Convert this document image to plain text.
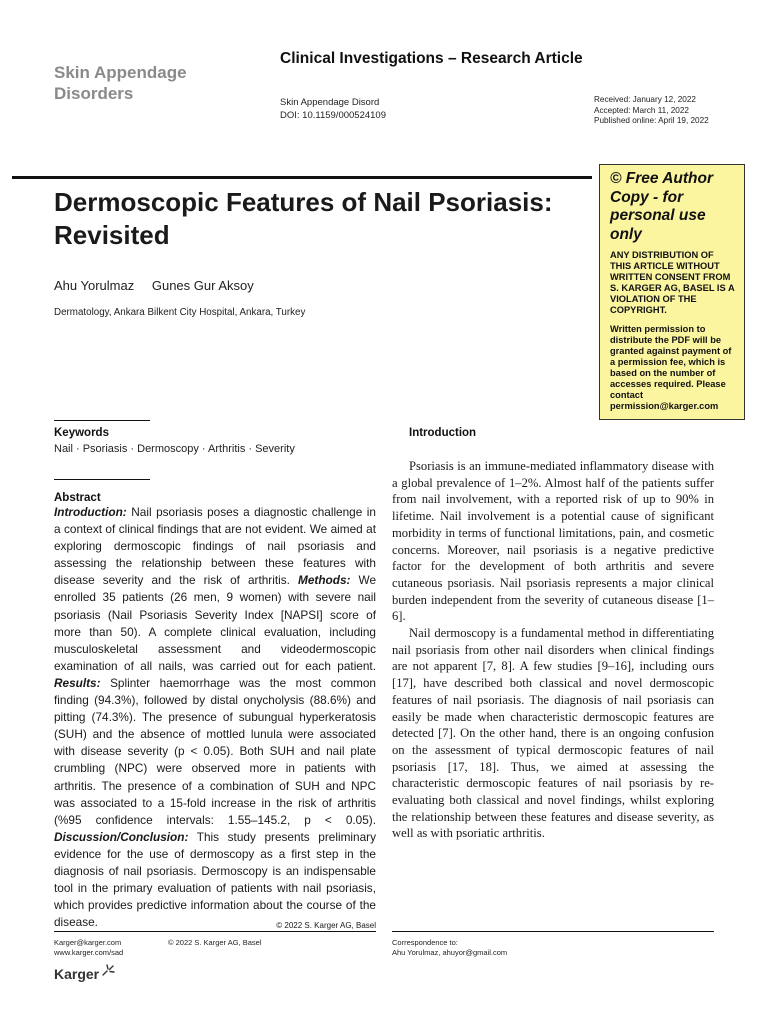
Skin Appendage
Disorders
Clinical Investigations – Research Article
Skin Appendage Disord
DOI: 10.1159/000524109
Received: January 12, 2022
Accepted: March 11, 2022
Published online: April 19, 2022
Dermoscopic Features of Nail Psoriasis: Revisited
Ahu Yorulmaz Gunes Gur Aksoy
Dermatology, Ankara Bilkent City Hospital, Ankara, Turkey
© Free Author Copy - for personal use only
ANY DISTRIBUTION OF THIS ARTICLE WITHOUT WRITTEN CONSENT FROM S. KARGER AG, BASEL IS A VIOLATION OF THE COPYRIGHT.
Written permission to distribute the PDF will be granted against payment of a permission fee, which is based on the number of accesses required. Please contact permission@karger.com
Keywords
Nail · Psoriasis · Dermoscopy · Arthritis · Severity
Abstract
Introduction: Nail psoriasis poses a diagnostic challenge in a context of clinical findings that are not evident. We aimed at exploring dermoscopic findings of nail psoriasis and assessing the relationship between these features with disease severity and the risk of arthritis. Methods: We enrolled 35 patients (26 men, 9 women) with severe nail psoriasis (Nail Psoriasis Severity Index [NAPSI] score of more than 50). A complete clinical evaluation, including musculoskeletal assessment and videodermoscopic examination of all nails, was carried out for each patient. Results: Splinter haemorrhage was the most common finding (94.3%), followed by distal onycholysis (88.6%) and pitting (74.3%). The presence of subungual hyperkeratosis (SUH) and the absence of mottled lunula were associated with disease severity (p < 0.05). Both SUH and nail plate crumbling (NPC) were observed more in patients with arthritis. The presence of a combination of SUH and NPC was associated to a 15-fold increase in the risk of arthritis (%95 confidence intervals: 1.55–145.2, p < 0.05). Discussion/Conclusion: This study presents preliminary evidence for the use of dermoscopy as a first step in the diagnosis of nail psoriasis. Dermoscopy is an indispensable tool in the primary evaluation of patients with nail psoriasis, which provides predictive information about the course of the disease.	© 2022 S. Karger AG, Basel
Introduction

Psoriasis is an immune-mediated inflammatory disease with a global prevalence of 1–2%. Almost half of the patients suffer from nail involvement, with a reported risk of up to 90% in lifetime. Nail involvement is a potential cause of significant morbidity in terms of functional limitations, pain, and cosmetic concerns. Moreover, nail psoriasis is a negative predictive factor for the development of both arthritis and severe cutaneous psoriasis. Nail psoriasis represents a major clinical burden independent from the severity of cutaneous disease [1–6].

Nail dermoscopy is a fundamental method in differentiating nail psoriasis from other nail disorders when clinical findings are not apparent [7, 8]. A few studies [9–16], including ours [17], have described both classical and novel dermoscopic features of nail psoriasis. The diagnosis of nail psoriasis can easily be made when characteristic dermoscopic features are detected [7]. On the other hand, there is an ongoing confusion on the assessment of typical dermoscopic features of nail psoriasis [17, 18]. Thus, we aimed at assessing the characteristic dermoscopic features of nail psoriasis by re-evaluating both classical and novel findings, whilst exploring the relationship between these features and disease severity, as well as with psoriatic arthritis.

Karger@karger.com
www.karger.com/sad
© 2022 S. Karger AG, Basel	Correspondence to:
Ahu Yorulmaz, ahuyor@gmail.com
Karger
